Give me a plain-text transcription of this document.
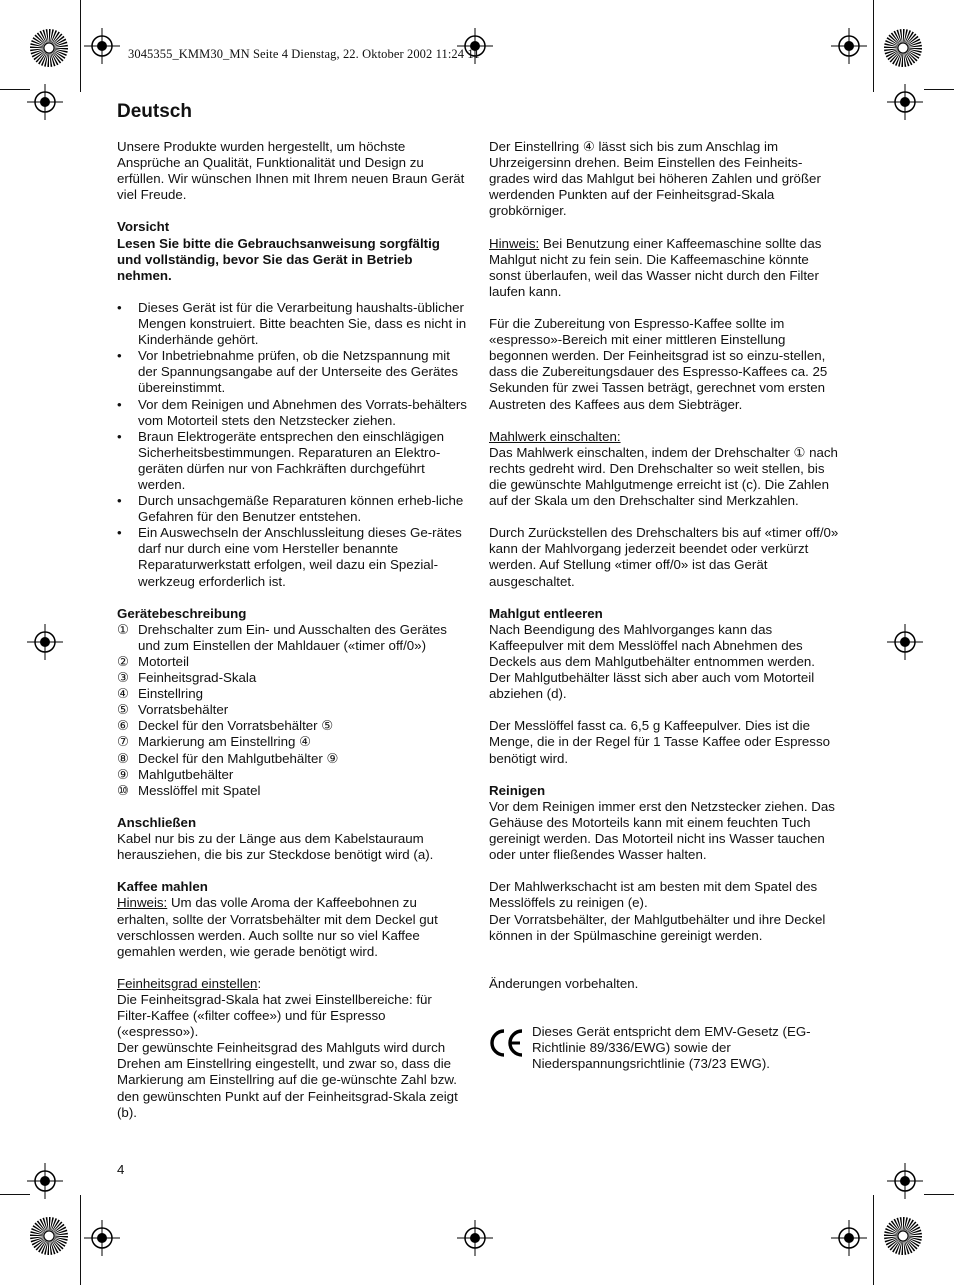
3045355_KMM30_MN Seite 4 Dienstag, 22. Oktober 2002 11:24 11
Deutsch

Unsere Produkte wurden hergestellt, um höchste Ansprüche an Qualität, Funktionalität und Design zu erfüllen. Wir wünschen Ihnen mit Ihrem neuen Braun Gerät viel Freude.

Vorsicht

Lesen Sie bitte die Gebrauchsanweisung sorgfältig und vollständig, bevor Sie das Gerät in Betrieb nehmen.

• Dieses Gerät ist für die Verarbeitung haushalts-üblicher Mengen konstruiert. Bitte beachten Sie, dass es nicht in Kinderhände gehört.
• Vor Inbetriebnahme prüfen, ob die Netzspannung mit der Spannungsangabe auf der Unterseite des Gerätes übereinstimmt.
• Vor dem Reinigen und Abnehmen des Vorrats-behälters vom Motorteil stets den Netzstecker ziehen.
• Braun Elektrogeräte entsprechen den einschlägigen Sicherheitsbestimmungen. Reparaturen an Elektro-geräten dürfen nur von Fachkräften durchgeführt werden.
• Durch unsachgemäße Reparaturen können erheb-liche Gefahren für den Benutzer entstehen.
• Ein Auswechseln der Anschlussleitung dieses Ge-rätes darf nur durch eine vom Hersteller benannte Reparaturwerkstatt erfolgen, weil dazu ein Spezial-werkzeug erforderlich ist.
Gerätebeschreibung
① Drehschalter zum Ein- und Ausschalten des Gerätes und zum Einstellen der Mahldauer («timer off/0»)
② Motorteil
③ Feinheitsgrad-Skala
④ Einstellring
⑤ Vorratsbehälter
⑥ Deckel für den Vorratsbehälter ⑤
⑦ Markierung am Einstellring ④
⑧ Deckel für den Mahlgutbehälter ⑨
⑨ Mahlgutbehälter
⑩ Messlöffel mit Spatel
Anschließen

Kabel nur bis zu der Länge aus dem Kabelstauraum herausziehen, die bis zur Steckdose benötigt wird (a).

Kaffee mahlen

Hinweis: Um das volle Aroma der Kaffeebohnen zu erhalten, sollte der Vorratsbehälter mit dem Deckel gut verschlossen werden. Auch sollte nur so viel Kaffee gemahlen werden, wie gerade benötigt wird.

Feinheitsgrad einstellen:
Die Feinheitsgrad-Skala hat zwei Einstellbereiche: für Filter-Kaffee («filter coffee») und für Espresso («espresso»).
Der gewünschte Feinheitsgrad des Mahlguts wird durch Drehen am Einstellring eingestellt, und zwar so, dass die Markierung am Einstellring auf die ge-wünschte Zahl bzw. den gewünschten Punkt auf der Feinheitsgrad-Skala zeigt (b).

Der Einstellring ④ lässt sich bis zum Anschlag im Uhrzeigersinn drehen. Beim Einstellen des Feinheits-grades wird das Mahlgut bei höheren Zahlen und größer werdenden Punkten auf der Feinheitsgrad-Skala grobkörniger.

Hinweis: Bei Benutzung einer Kaffeemaschine sollte das Mahlgut nicht zu fein sein. Die Kaffeemaschine könnte sonst überlaufen, weil das Wasser nicht durch den Filter laufen kann.

Für die Zubereitung von Espresso-Kaffee sollte im «espresso»-Bereich mit einer mittleren Einstellung begonnen werden. Der Feinheitsgrad ist so einzu-stellen, dass die Zubereitungsdauer des Espresso-Kaffees ca. 25 Sekunden für zwei Tassen beträgt, gerechnet vom ersten Austreten des Kaffees aus dem Siebträger.

Mahlwerk einschalten:

Das Mahlwerk einschalten, indem der Drehschalter ① nach rechts gedreht wird. Den Drehschalter so weit stellen, bis die gewünschte Mahlgutmenge erreicht ist (c). Die Zahlen auf der Skala um den Drehschalter sind Merkzahlen.

Durch Zurückstellen des Drehschalters bis auf «timer off/0» kann der Mahlvorgang jederzeit beendet oder verkürzt werden. Auf Stellung «timer off/0» ist das Gerät ausgeschaltet.

Mahlgut entleeren

Nach Beendigung des Mahlvorganges kann das Kaffeepulver mit dem Messlöffel nach Abnehmen des Deckels aus dem Mahlgutbehälter entnommen werden. Der Mahlgutbehälter lässt sich aber auch vom Motorteil abziehen (d).

Der Messlöffel fasst ca. 6,5 g Kaffeepulver. Dies ist die Menge, die in der Regel für 1 Tasse Kaffee oder Espresso benötigt wird.

Reinigen

Vor dem Reinigen immer erst den Netzstecker ziehen. Das Gehäuse des Motorteils kann mit einem feuchten Tuch gereinigt werden. Das Motorteil nicht ins Wasser tauchen oder unter fließendes Wasser halten.

Der Mahlwerkschacht ist am besten mit dem Spatel des Messlöffels zu reinigen (e).

Der Vorratsbehälter, der Mahlgutbehälter und ihre Deckel können in der Spülmaschine gereinigt werden.

Änderungen vorbehalten.

Dieses Gerät entspricht dem EMV-Gesetz (EG-Richtlinie 89/336/EWG) sowie der Niederspannungsrichtlinie (73/23 EWG).
4
